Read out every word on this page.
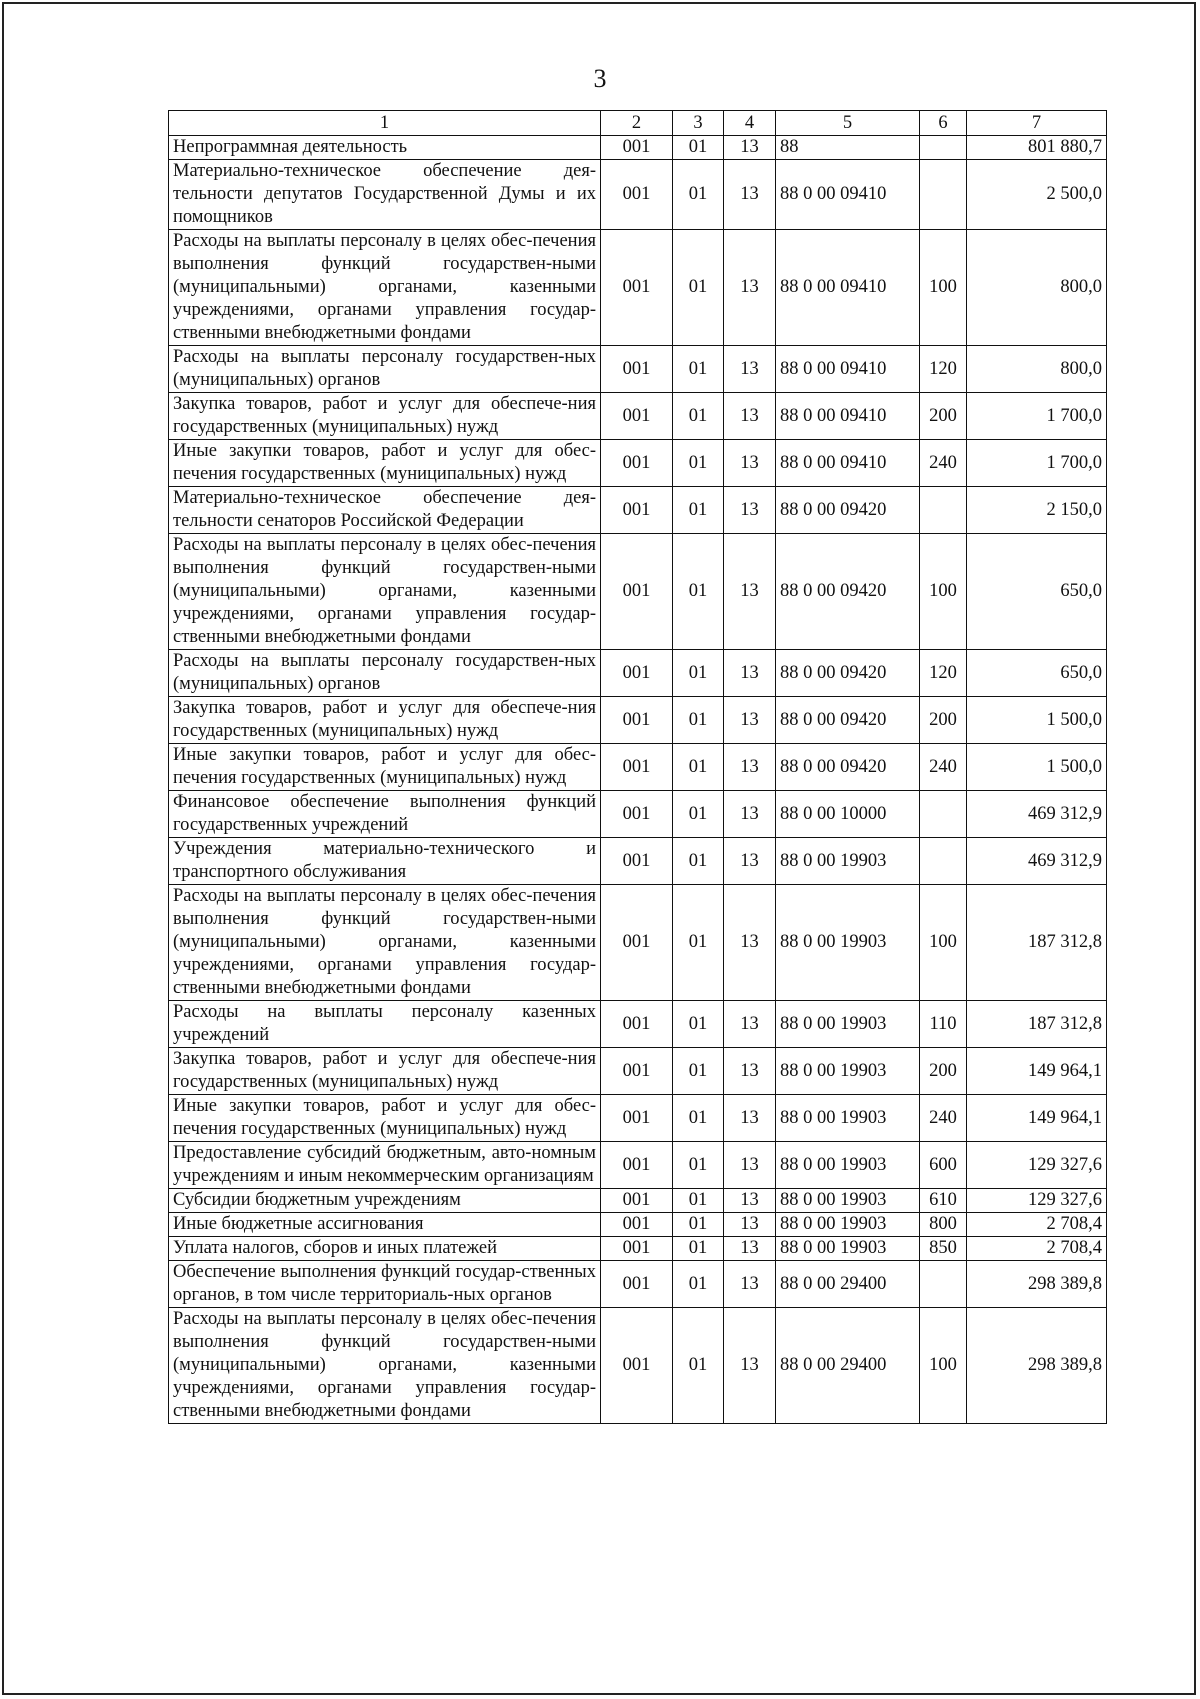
3
1	2	3	4	5	6	7
Непрограммная деятельность	001	01	13	88		801 880,7
Материально-техническое обеспечение дея-тельности депутатов Государственной Думы и их помощников	001	01	13	88 0 00 09410		2 500,0
Расходы на выплаты персоналу в целях обес-печения выполнения функций государствен-ными (муниципальными) органами, казенными учреждениями, органами управления государ-ственными внебюджетными фондами	001	01	13	88 0 00 09410	100	800,0
Расходы на выплаты персоналу государствен-ных (муниципальных) органов	001	01	13	88 0 00 09410	120	800,0
Закупка товаров, работ и услуг для обеспече-ния государственных (муниципальных) нужд	001	01	13	88 0 00 09410	200	1 700,0
Иные закупки товаров, работ и услуг для обес-печения государственных (муниципальных) нужд	001	01	13	88 0 00 09410	240	1 700,0
Материально-техническое обеспечение дея-тельности сенаторов Российской Федерации	001	01	13	88 0 00 09420		2 150,0
Расходы на выплаты персоналу в целях обес-печения выполнения функций государствен-ными (муниципальными) органами, казенными учреждениями, органами управления государ-ственными внебюджетными фондами	001	01	13	88 0 00 09420	100	650,0
Расходы на выплаты персоналу государствен-ных (муниципальных) органов	001	01	13	88 0 00 09420	120	650,0
Закупка товаров, работ и услуг для обеспече-ния государственных (муниципальных) нужд	001	01	13	88 0 00 09420	200	1 500,0
Иные закупки товаров, работ и услуг для обес-печения государственных (муниципальных) нужд	001	01	13	88 0 00 09420	240	1 500,0
Финансовое обеспечение выполнения функций государственных учреждений	001	01	13	88 0 00 10000		469 312,9
Учреждения материально-технического и транспортного обслуживания	001	01	13	88 0 00 19903		469 312,9
Расходы на выплаты персоналу в целях обес-печения выполнения функций государствен-ными (муниципальными) органами, казенными учреждениями, органами управления государ-ственными внебюджетными фондами	001	01	13	88 0 00 19903	100	187 312,8
Расходы на выплаты персоналу казенных учреждений	001	01	13	88 0 00 19903	110	187 312,8
Закупка товаров, работ и услуг для обеспече-ния государственных (муниципальных) нужд	001	01	13	88 0 00 19903	200	149 964,1
Иные закупки товаров, работ и услуг для обес-печения государственных (муниципальных) нужд	001	01	13	88 0 00 19903	240	149 964,1
Предоставление субсидий бюджетным, авто-номным учреждениям и иным некоммерческим организациям	001	01	13	88 0 00 19903	600	129 327,6
Субсидии бюджетным учреждениям	001	01	13	88 0 00 19903	610	129 327,6
Иные бюджетные ассигнования	001	01	13	88 0 00 19903	800	2 708,4
Уплата налогов, сборов и иных платежей	001	01	13	88 0 00 19903	850	2 708,4
Обеспечение выполнения функций государ-ственных органов, в том числе территориаль-ных органов	001	01	13	88 0 00 29400		298 389,8
Расходы на выплаты персоналу в целях обес-печения выполнения функций государствен-ными (муниципальными) органами, казенными учреждениями, органами управления государ-ственными внебюджетными фондами	001	01	13	88 0 00 29400	100	298 389,8
